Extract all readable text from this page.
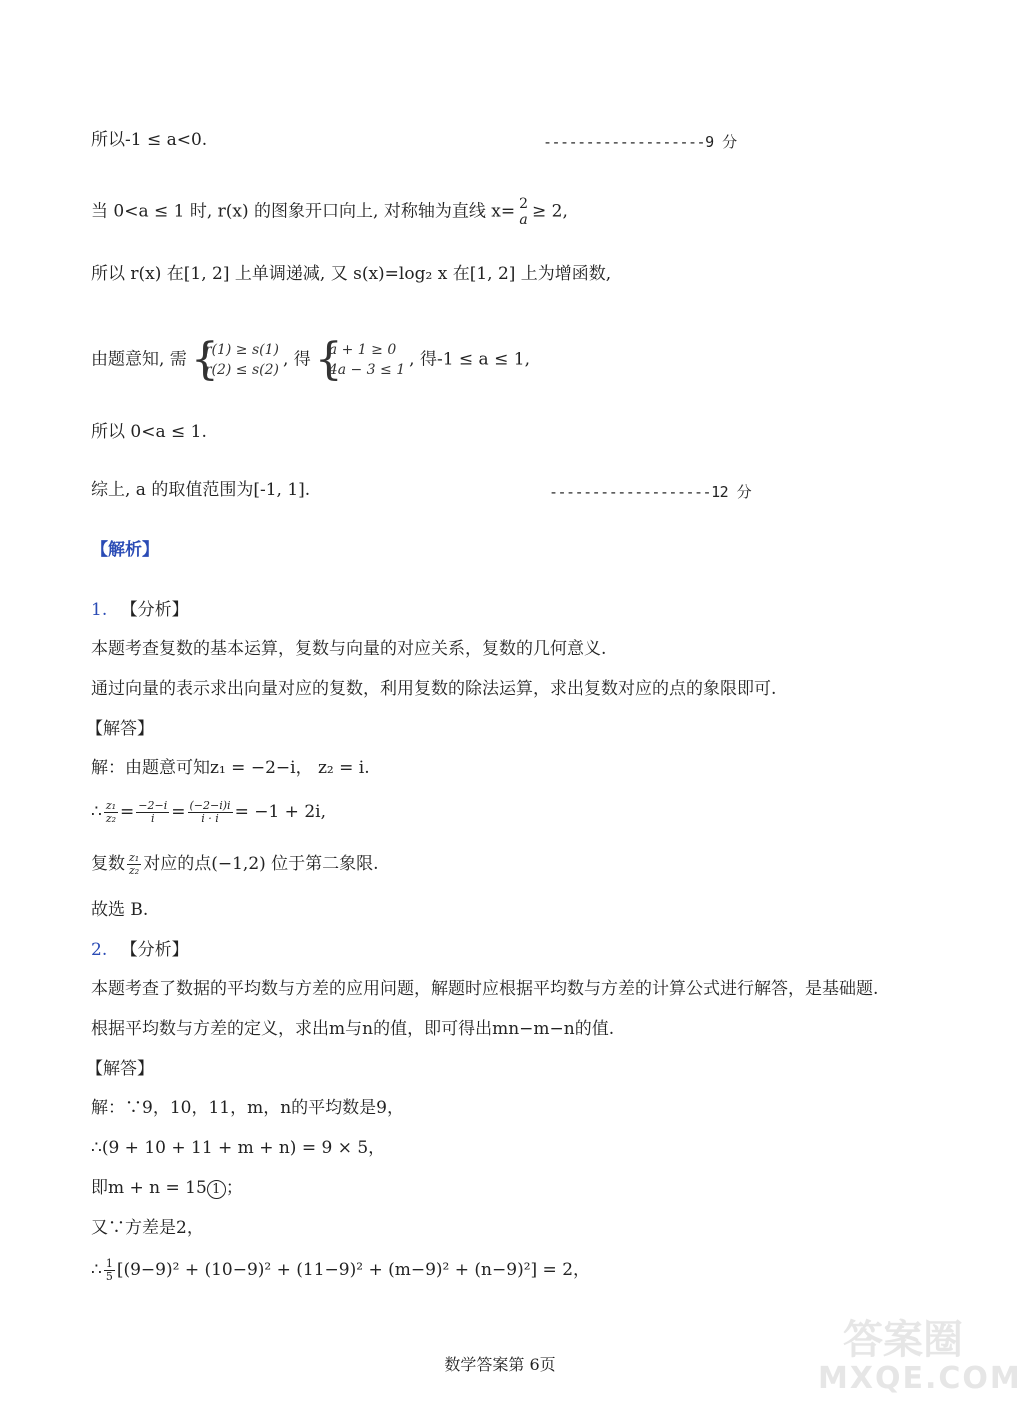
所以-1 ≤ a<0.	-------------------9 分
当 0<a ≤ 1 时, r(x) 的图象开口向上, 对称轴为直线 x= 2
a ≥ 2,
所以 r(x) 在[1, 2] 上单调递减, 又 s(x)=log₂ x 在[1, 2] 上为增函数,
由题意知, 需 {
r(1) ≥ s(1)
r(2) ≤ s(2)
, 得 {
a + 1 ≥ 0
4a − 3 ≤ 1
, 得-1 ≤ a ≤ 1,
所以 0<a ≤ 1.
综上, a 的取值范围为[-1, 1].	-------------------12 分
【解析】
1. 【分析】
本题考查复数的基本运算，复数与向量的对应关系，复数的几何意义.
通过向量的表示求出向量对应的复数，利用复数的除法运算，求出复数对应的点的象限即可.
【解答】
解：由题意可知z₁ = −2−i， z₂ = i.
∴ $\frac{\text{z₁}}{\text{z₂}} = \frac{-2-i}{i} = \frac{(-2-i)i}{i \cdot i} = -1 + 2i$,
复数 $\frac{\text{z₁}}{\text{z₂}}$ 对应的点(−1,2) 位于第二象限.
故选 B.
2. 【分析】
本题考查了数据的平均数与方差的应用问题，解题时应根据平均数与方差的计算公式进行解答，是基础题.
根据平均数与方差的定义，求出m与n的值，即可得出mn−m−n的值.
【解答】
解：∵9，10，11，m，n的平均数是9，
∴(9 + 10 + 11 + m + n) = 9 × 5，
即m + n = 15 1 ；
又∵方差是2，
∴ $\frac{1}{5} [(9-9)^2 + (10-9)^2 + (11-9)^2 + (m-9)^2 + (n-9)^2] = 2$，
数学答案第 6页
答案圈
MXQE.COM
